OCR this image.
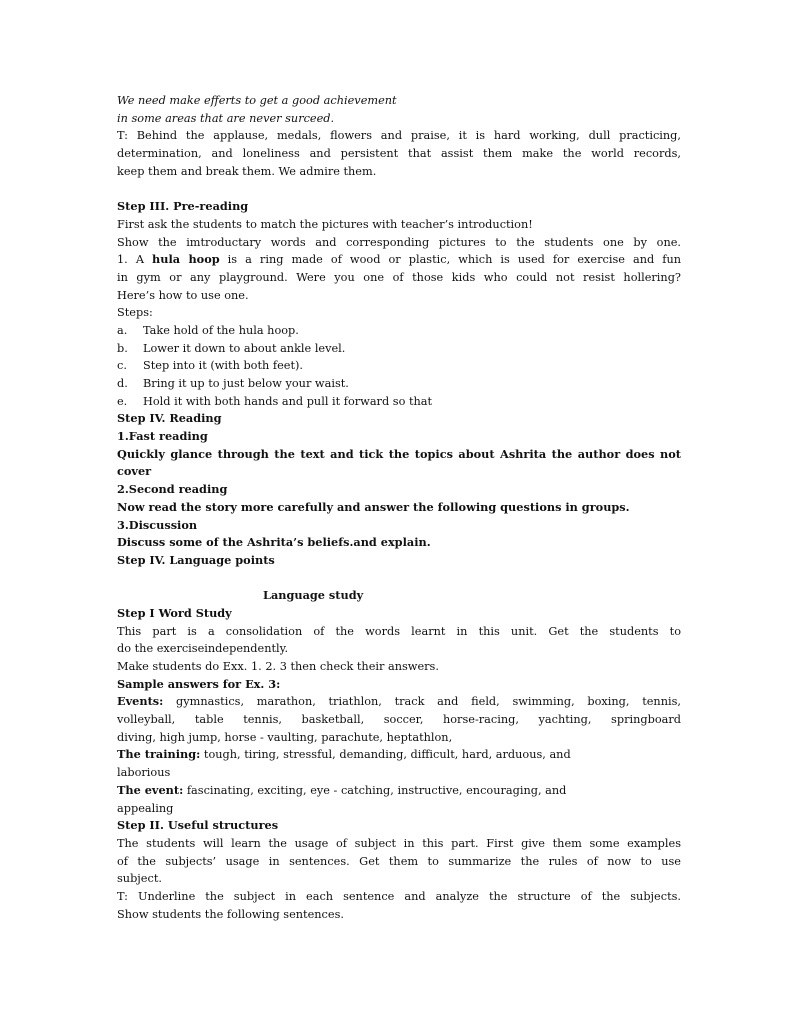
We need make efferts to get a good achievement
in some areas that are never surceed.
T: Behind the applause, medals, flowers and praise, it is hard working, dull practicing,
determination, and loneliness and persistent that assist them make the world records,
keep them and break them. We admire them.
Step III. Pre-reading
First ask the students to match the pictures with teacher’s introduction!
Show the imtroductary words and corresponding pictures to the students one by one.
1. A hula hoop is a ring made of wood or plastic, which is used for exercise and fun
in gym or any playground. Were you one of those kids who could not resist hollering?
Here’s how to use one.
Steps:
a. Take hold of the hula hoop.
b. Lower it down to about ankle level.
c. Step into it (with both feet).
d. Bring it up to just below your waist.
e. Hold it with both hands and pull it forward so that
Step IV. Reading
1.Fast reading
Quickly glance through the text and tick the topics about Ashrita the author does not
cover
2.Second reading
Now read the story more carefully and answer the following questions in groups.
3.Discussion
Discuss some of the Ashrita’s beliefs.and explain.
Step IV. Language points
Language study
Step I Word Study
This part is a consolidation of the words learnt in this unit. Get the students to
do the exerciseindependently.
Make students do Exx. 1. 2. 3 then check their answers.
Sample answers for Ex. 3:
Events: gymnastics, marathon, triathlon, track and field, swimming, boxing, tennis,
volleyball, table tennis, basketball, soccer, horse-racing, yachting, springboard
diving, high jump, horse - vaulting, parachute, heptathlon,
The training: tough, tiring, stressful, demanding, difficult, hard, arduous, and
laborious
The event: fascinating, exciting, eye - catching, instructive, encouraging, and
appealing
Step II. Useful structures
The students will learn the usage of subject in this part. First give them some examples
of the subjects’ usage in sentences. Get them to summarize the rules of now to use
subject.
T: Underline the subject in each sentence and analyze the structure of the subjects.
Show students the following sentences.
